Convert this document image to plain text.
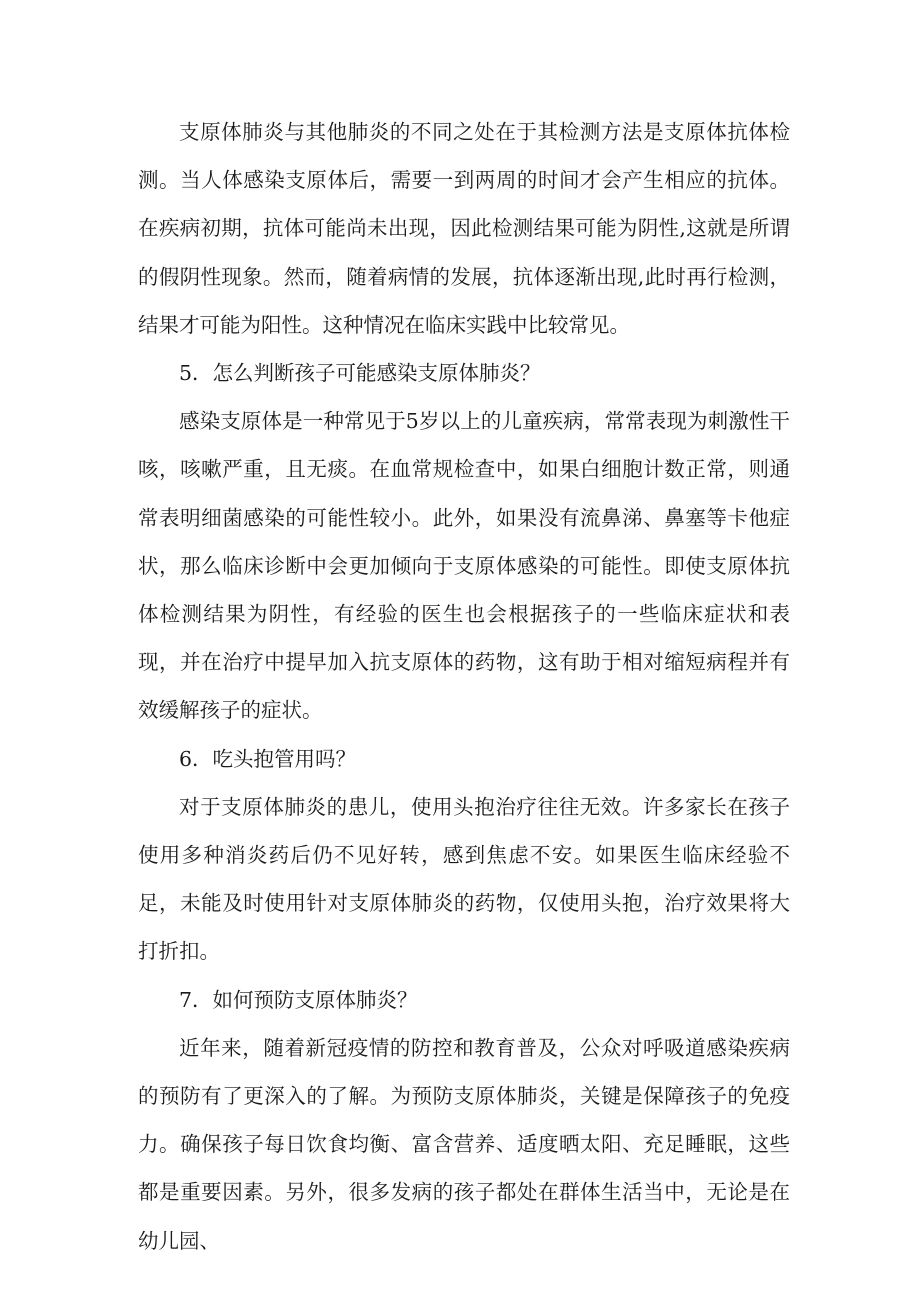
支原体肺炎与其他肺炎的不同之处在于其检测方法是支原体抗体检测。当人体感染支原体后，需要一到两周的时间才会产生相应的抗体。在疾病初期，抗体可能尚未出现，因此检测结果可能为阴性,这就是所谓的假阴性现象。然而，随着病情的发展，抗体逐渐出现,此时再行检测，结果才可能为阳性。这种情况在临床实践中比较常见。

5．怎么判断孩子可能感染支原体肺炎？

感染支原体是一种常见于5岁以上的儿童疾病，常常表现为刺激性干咳，咳嗽严重，且无痰。在血常规检查中，如果白细胞计数正常，则通常表明细菌感染的可能性较小。此外，如果没有流鼻涕、鼻塞等卡他症状，那么临床诊断中会更加倾向于支原体感染的可能性。即使支原体抗体检测结果为阴性，有经验的医生也会根据孩子的一些临床症状和表现，并在治疗中提早加入抗支原体的药物，这有助于相对缩短病程并有效缓解孩子的症状。

6．吃头抱管用吗？

对于支原体肺炎的患儿，使用头抱治疗往往无效。许多家长在孩子使用多种消炎药后仍不见好转，感到焦虑不安。如果医生临床经验不足，未能及时使用针对支原体肺炎的药物，仅使用头抱，治疗效果将大打折扣。

7．如何预防支原体肺炎？

近年来，随着新冠疫情的防控和教育普及，公众对呼吸道感染疾病的预防有了更深入的了解。为预防支原体肺炎，关键是保障孩子的免疫力。确保孩子每日饮食均衡、富含营养、适度晒太阳、充足睡眠，这些都是重要因素。另外，很多发病的孩子都处在群体生活当中，无论是在幼儿园、
